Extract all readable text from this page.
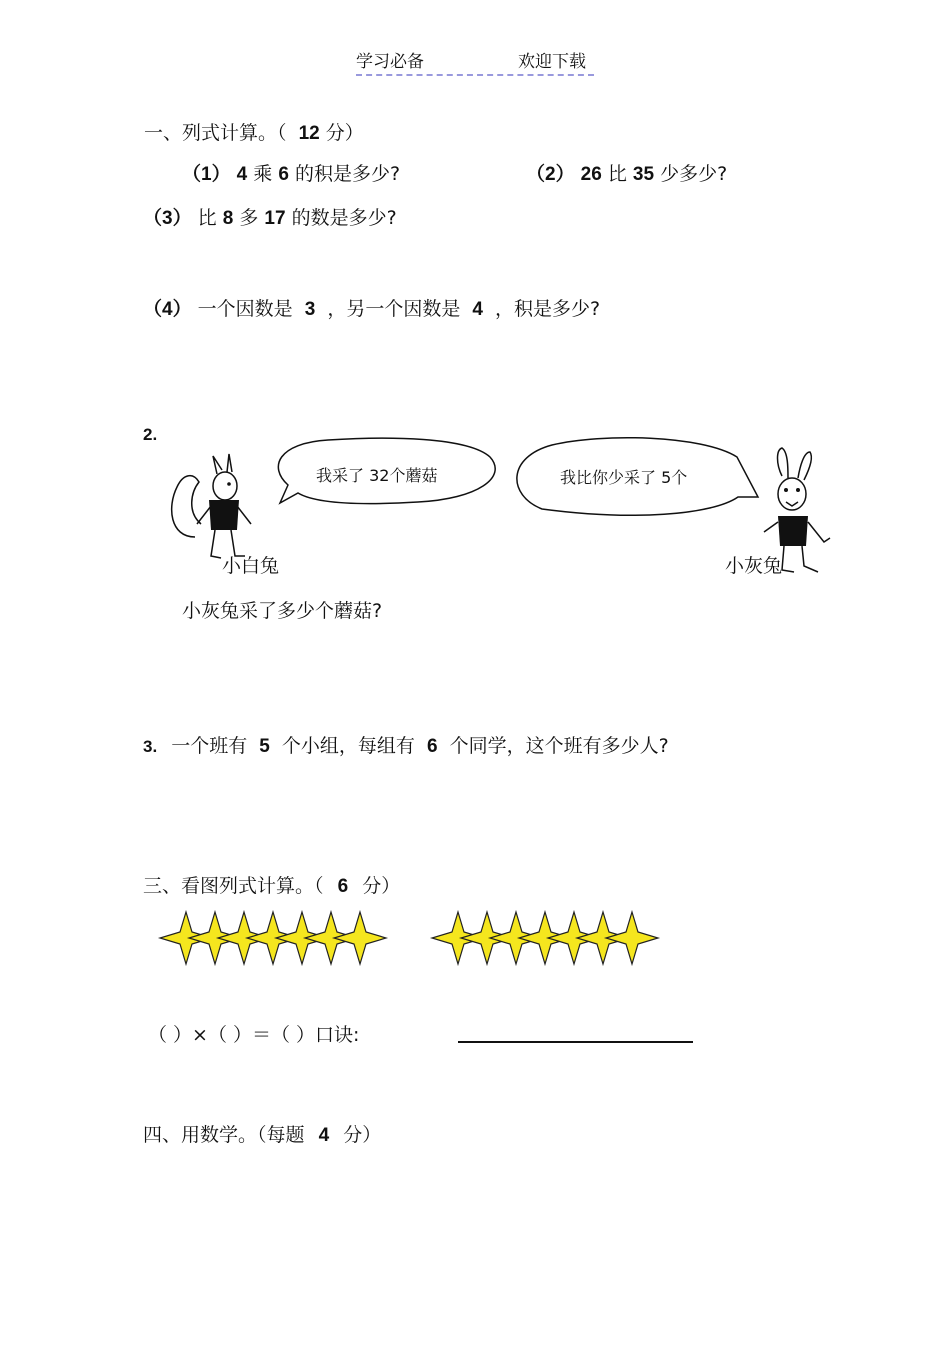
学习必备	欢迎下载
一、列式计算。（ 12 分）
（1） 4 乘 6 的积是多少?	（2） 26 比 35 少多少?
（3） 比 8 多 17 的数是多少?
（4） 一个因数是 3 ，另一个因数是 4 ，积是多少?
2.
我采了 32个蘑菇	我比你少采了 5个
小白兔	小灰兔
小灰兔采了多少个蘑菇?
3. 一个班有 5 个小组，每组有 6 个同学，这个班有多少人?
三、看图列式计算。（ 6 分）
（ ）×（ ）＝（ ）口诀:
四、用数学。（每题 4 分）
